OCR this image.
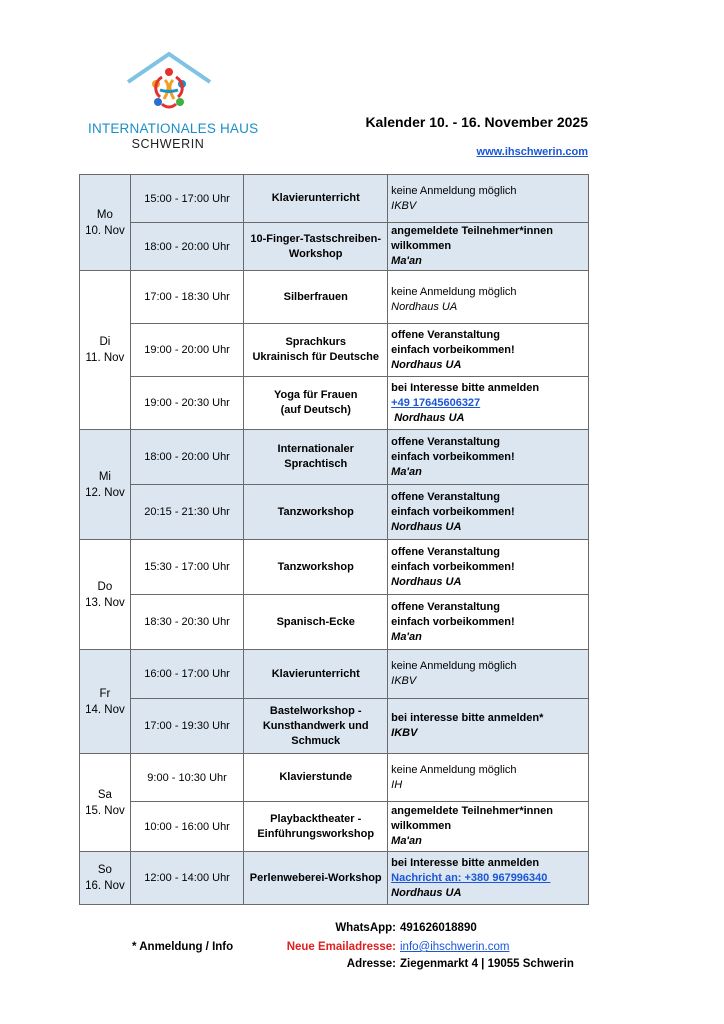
INTERNATIONALES HAUS
SCHWERIN
Kalender 10. - 16. November 2025
www.ihschwerin.com
Mo
10. Nov	15:00 - 17:00 Uhr	Klavierunterricht	keine Anmeldung möglich
IKBV

	18:00 - 20:00 Uhr	10-Finger-Tastschreiben-
Workshop	angemeldete Teilnehmer*innen
wilkommen
Ma'an

Di
11. Nov	17:00 - 18:30 Uhr	Silberfrauen	keine Anmeldung möglich
Nordhaus UA

	19:00 - 20:00 Uhr	Sprachkurs
Ukrainisch für Deutsche	offene Veranstaltung
einfach vorbeikommen!
Nordhaus UA

	19:00 - 20:30 Uhr	Yoga für Frauen
(auf Deutsch)	bei Interesse bitte anmelden
+49 17645606327
Nordhaus UA

Mi
12. Nov	18:00 - 20:00 Uhr	Internationaler Sprachtisch	offene Veranstaltung
einfach vorbeikommen!
Ma'an

	20:15 - 21:30 Uhr	Tanzworkshop	offene Veranstaltung
einfach vorbeikommen!
Nordhaus UA

Do
13. Nov	15:30 - 17:00 Uhr	Tanzworkshop	offene Veranstaltung
einfach vorbeikommen!
Nordhaus UA

	18:30 - 20:30 Uhr	Spanisch-Ecke	offene Veranstaltung
einfach vorbeikommen!
Ma'an

Fr
14. Nov	16:00 - 17:00 Uhr	Klavierunterricht	keine Anmeldung möglich
IKBV

	17:00 - 19:30 Uhr	Bastelworkshop -
Kunsthandwerk und
Schmuck	bei interesse bitte anmelden*
IKBV

Sa
15. Nov	9:00 - 10:30 Uhr	Klavierstunde	keine Anmeldung möglich
IH

	10:00 - 16:00 Uhr	Playbacktheater -
Einführungsworkshop	angemeldete Teilnehmer*innen
wilkommen
Ma'an

So
16. Nov	12:00 - 14:00 Uhr	Perlenweberei-Workshop	bei Interesse bitte anmelden
Nachricht an: +380 967996340
Nordhaus UA
WhatsApp: 491626018890
* Anmeldung / Info	Neue Emailadresse: info@ihschwerin.com
Adresse: Ziegenmarkt 4 | 19055 Schwerin
